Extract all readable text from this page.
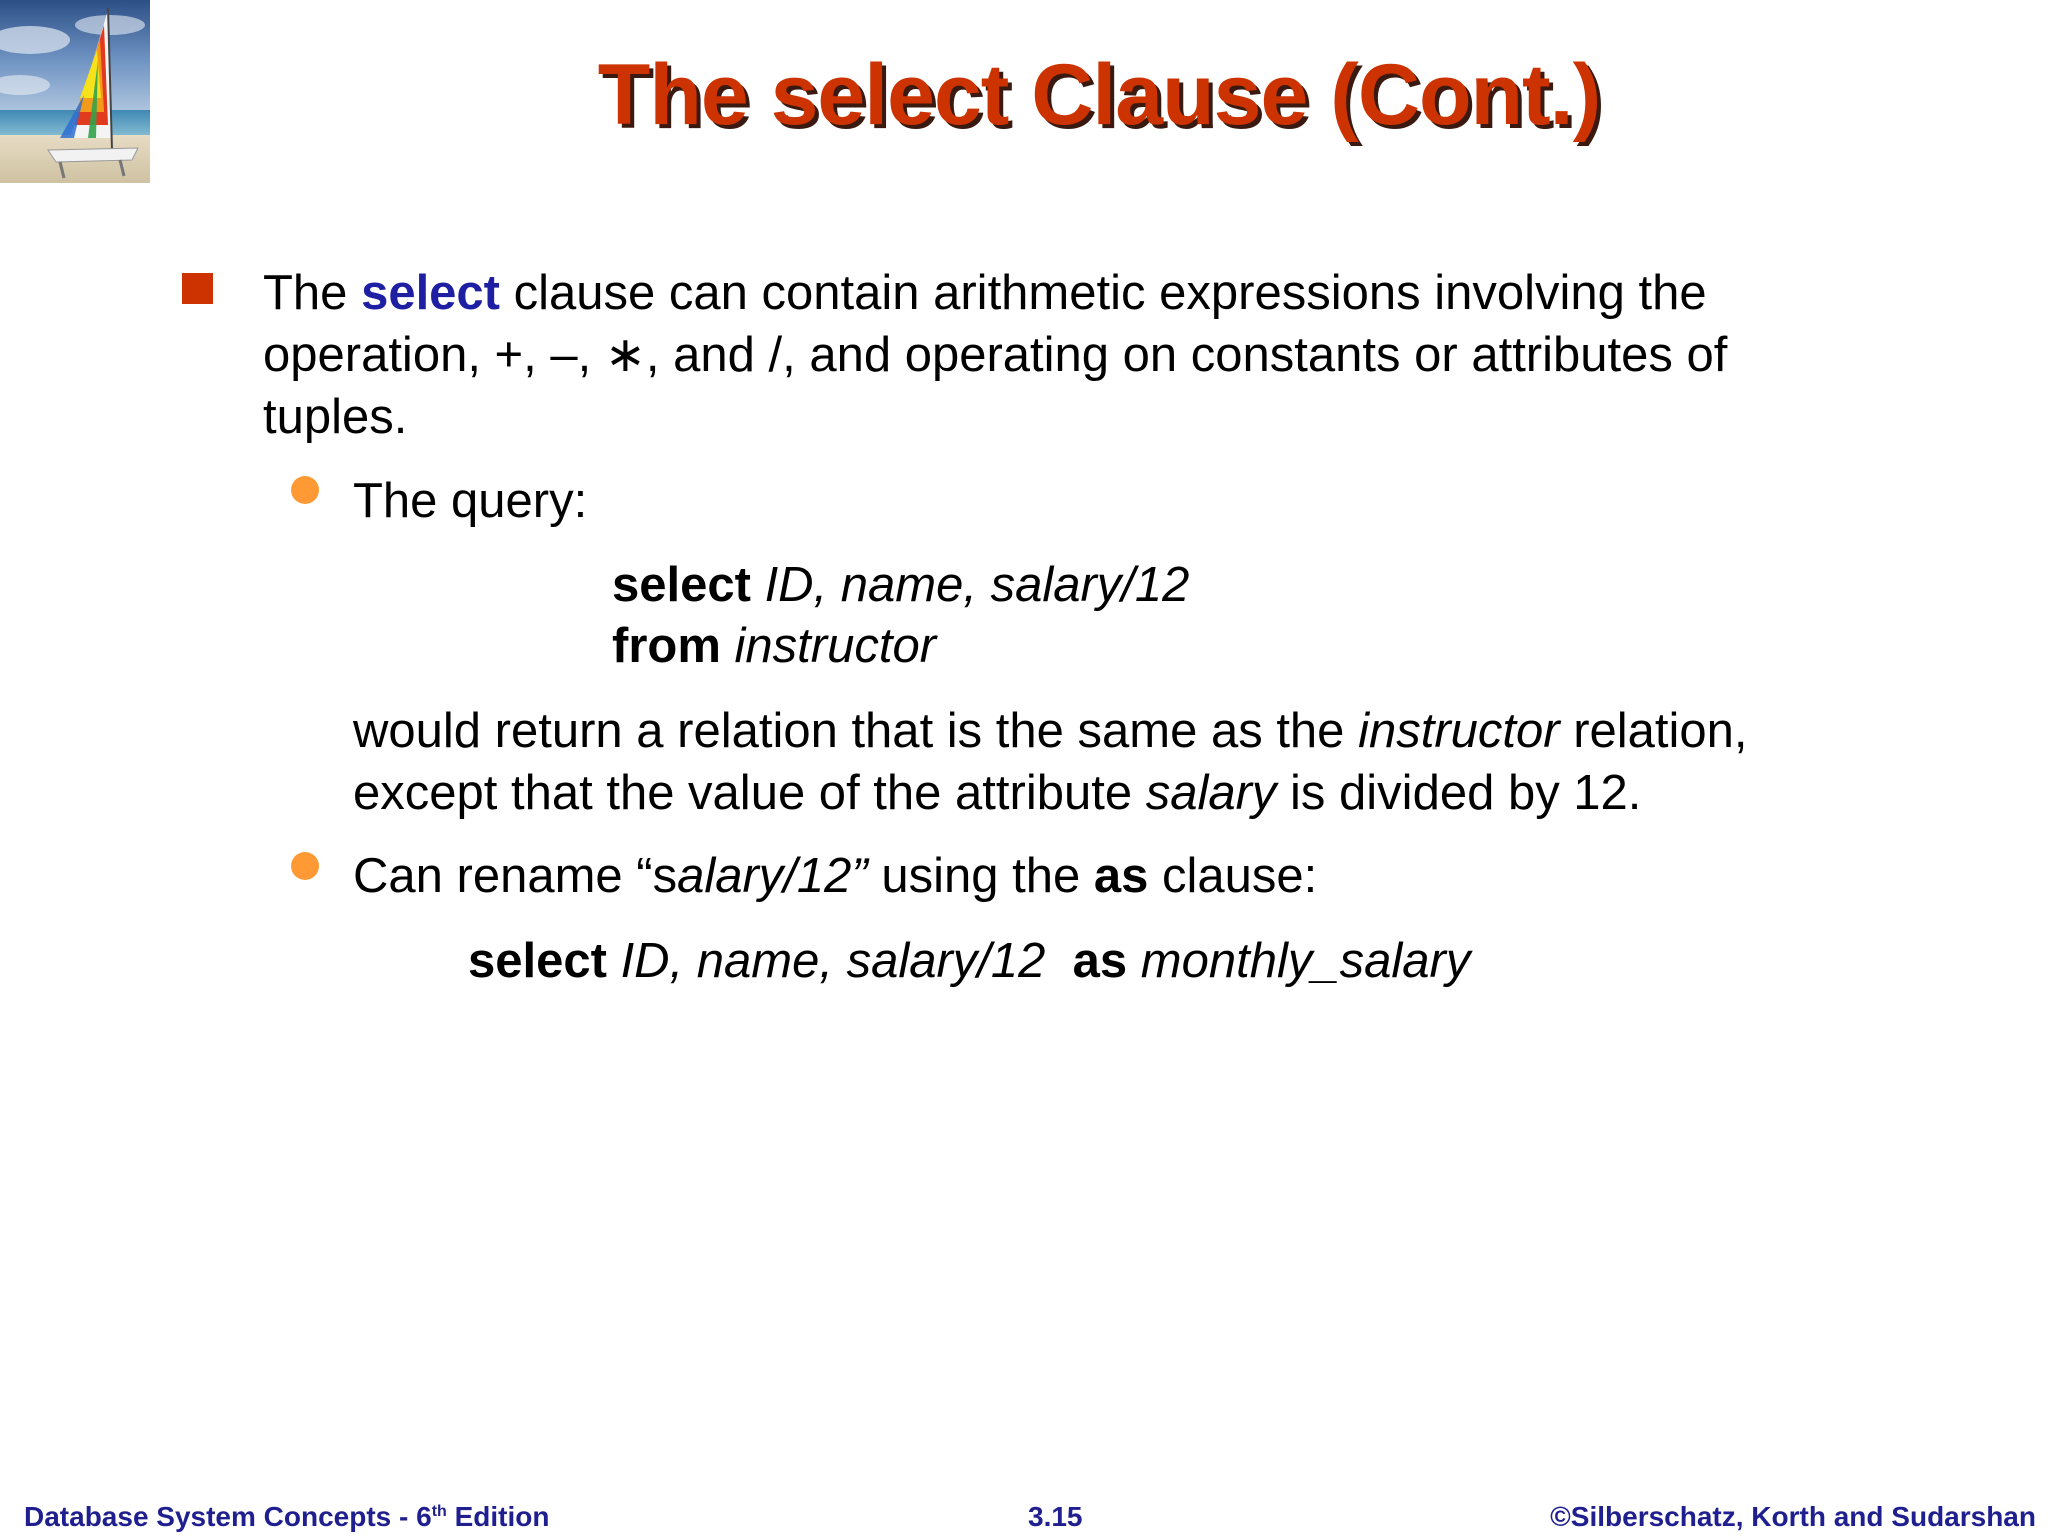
The select Clause (Cont.)
The select clause can contain arithmetic expressions involving the
operation, +, –, ∗, and /, and operating on constants or attributes of
tuples.
The query:
select ID, name, salary/12
from instructor
would return a relation that is the same as the instructor relation,
except that the value of the attribute salary is divided by 12.
Can rename “salary/12” using the as clause:
select ID, name, salary/12 as monthly_salary
Database System Concepts - 6th Edition	3.15	©Silberschatz, Korth and Sudarshan
